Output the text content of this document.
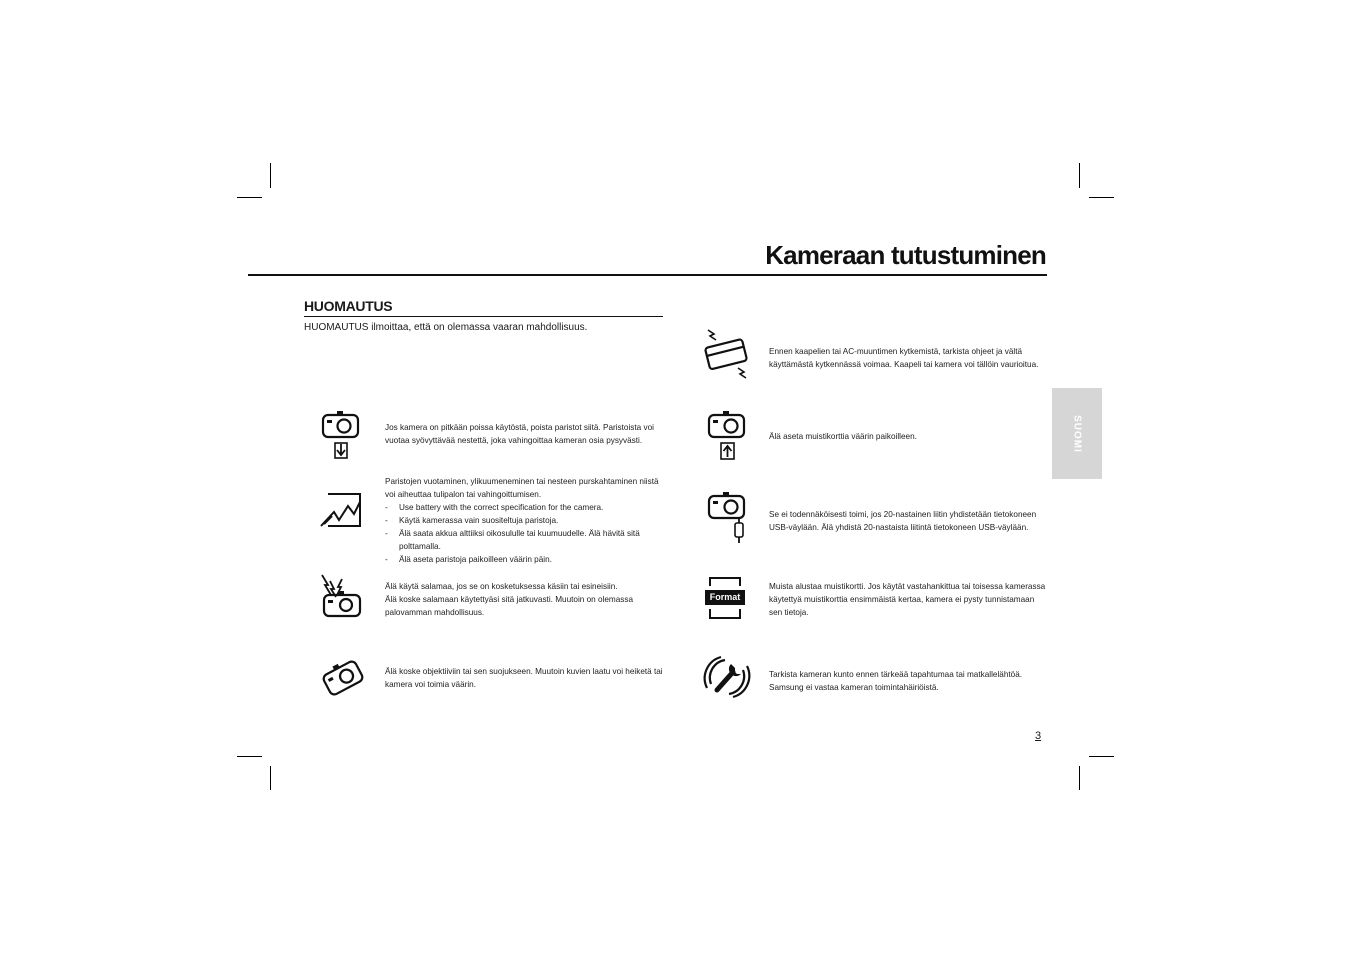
Kameraan tutustuminen
SUOMI
HUOMAUTUS
HUOMAUTUS ilmoittaa, että on olemassa vaaran mahdollisuus.
Jos kamera on pitkään poissa käytöstä, poista paristot siitä. Paristoista voi
vuotaa syövyttävää nestettä, joka vahingoittaa kameran osia pysyvästi.
Paristojen vuotaminen, ylikuumeneminen tai nesteen purskahtaminen niistä
voi aiheuttaa tulipalon tai vahingoittumisen.
- Use battery with the correct specification for the camera.
- Käytä kamerassa vain suositeltuja paristoja.
- Älä saata akkua alttiiksi oikosululle tai kuumuudelle. Älä hävitä sitä polttamalla.
- Älä aseta paristoja paikoilleen väärin päin.
Älä käytä salamaa, jos se on kosketuksessa käsiin tai esineisiin.
Älä koske salamaan käytettyäsi sitä jatkuvasti. Muutoin on olemassa
palovamman mahdollisuus.
Älä koske objektiiviin tai sen suojukseen. Muutoin kuvien laatu voi heiketä tai
kamera voi toimia väärin.
Ennen kaapelien tai AC-muuntimen kytkemistä, tarkista ohjeet ja vältä
käyttämästä kytkennässä voimaa. Kaapeli tai kamera voi tällöin vaurioitua.
Älä aseta muistikorttia väärin paikoilleen.
Se ei todennäköisesti toimi, jos 20-nastainen liitin yhdistetään tietokoneen
USB-väylään. Älä yhdistä 20-nastaista liitintä tietokoneen USB-väylään.
Format
Muista alustaa muistikortti. Jos käytät vastahankittua tai toisessa kamerassa
käytettyä muistikorttia ensimmäistä kertaa, kamera ei pysty tunnistamaan
sen tietoja.
Tarkista kameran kunto ennen tärkeää tapahtumaa tai matkallelähtöä.
Samsung ei vastaa kameran toimintahäiriöistä.
3
